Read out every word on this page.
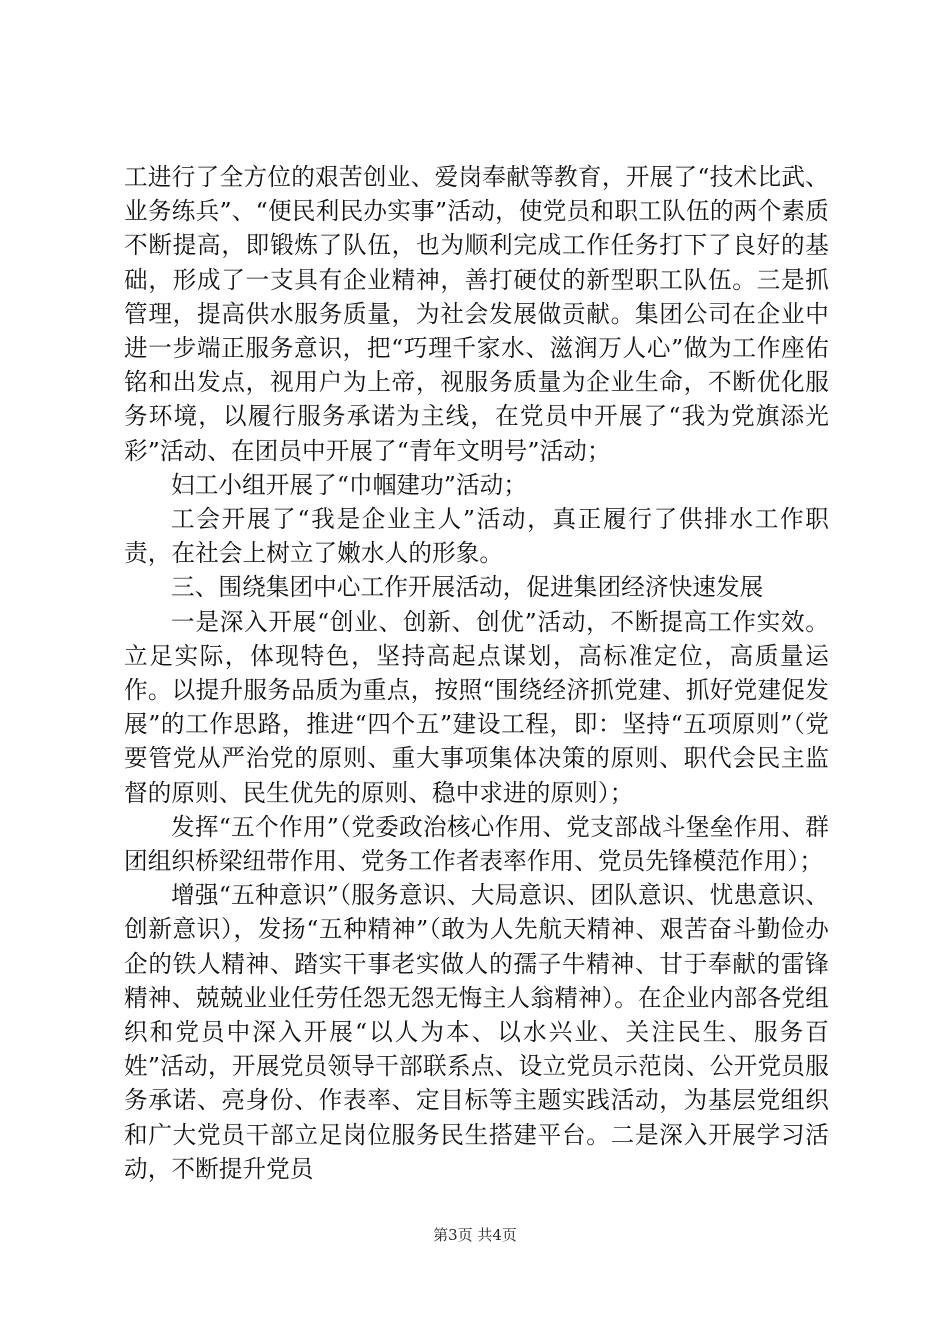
工进行了全方位的艰苦创业、爱岗奉献等教育，开展了“技术比武、业务练兵”、“便民利民办实事”活动，使党员和职工队伍的两个素质不断提高，即锻炼了队伍，也为顺利完成工作任务打下了良好的基础，形成了一支具有企业精神，善打硬仗的新型职工队伍。三是抓管理，提高供水服务质量，为社会发展做贡献。集团公司在企业中进一步端正服务意识，把“巧理千家水、滋润万人心”做为工作座佑铭和出发点，视用户为上帝，视服务质量为企业生命，不断优化服务环境，以履行服务承诺为主线，在党员中开展了“我为党旗添光彩”活动、在团员中开展了“青年文明号”活动；

妇工小组开展了“巾帼建功”活动；

工会开展了“我是企业主人”活动，真正履行了供排水工作职责，在社会上树立了嫩水人的形象。

三、围绕集团中心工作开展活动，促进集团经济快速发展

一是深入开展“创业、创新、创优”活动，不断提高工作实效。立足实际，体现特色，坚持高起点谋划，高标准定位，高质量运作。以提升服务品质为重点，按照“围绕经济抓党建、抓好党建促发展”的工作思路，推进“四个五”建设工程，即：坚持“五项原则”（党要管党从严治党的原则、重大事项集体决策的原则、职代会民主监督的原则、民生优先的原则、稳中求进的原则）；

发挥“五个作用”（党委政治核心作用、党支部战斗堡垒作用、群团组织桥梁纽带作用、党务工作者表率作用、党员先锋模范作用）；

增强“五种意识”（服务意识、大局意识、团队意识、忧患意识、创新意识），发扬“五种精神”（敢为人先航天精神、艰苦奋斗勤俭办企的铁人精神、踏实干事老实做人的孺子牛精神、甘于奉献的雷锋精神、兢兢业业任劳任怨无怨无悔主人翁精神）。在企业内部各党组织和党员中深入开展“以人为本、以水兴业、关注民生、服务百姓”活动，开展党员领导干部联系点、设立党员示范岗、公开党员服务承诺、亮身份、作表率、定目标等主题实践活动，为基层党组织和广大党员干部立足岗位服务民生搭建平台。二是深入开展学习活动，不断提升党员

第3页 共4页
